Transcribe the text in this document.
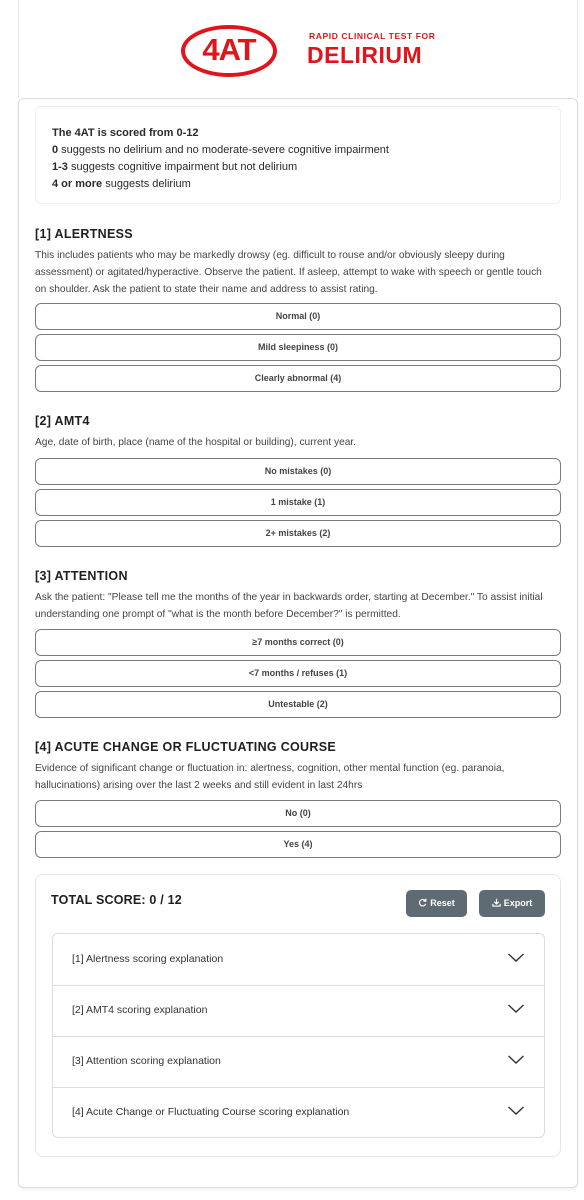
4AT	RAPID CLINICAL TEST FOR
DELIRIUM
The 4AT is scored from 0-12
0 suggests no delirium and no moderate-severe cognitive impairment
1-3 suggests cognitive impairment but not delirium
4 or more suggests delirium
[1] ALERTNESS
This includes patients who may be markedly drowsy (eg. difficult to rouse and/or obviously sleepy during assessment) or agitated/hyperactive. Observe the patient. If asleep, attempt to wake with speech or gentle touch on shoulder. Ask the patient to state their name and address to assist rating.
Normal (0)
Mild sleepiness (0)
Clearly abnormal (4)
[2] AMT4
Age, date of birth, place (name of the hospital or building), current year.
No mistakes (0)
1 mistake (1)
2+ mistakes (2)
[3] ATTENTION
Ask the patient: "Please tell me the months of the year in backwards order, starting at December." To assist initial understanding one prompt of "what is the month before December?" is permitted.
≥7 months correct (0)
<7 months / refuses (1)
Untestable (2)
[4] ACUTE CHANGE OR FLUCTUATING COURSE
Evidence of significant change or fluctuation in: alertness, cognition, other mental function (eg. paranoia, hallucinations) arising over the last 2 weeks and still evident in last 24hrs
No (0)
Yes (4)
TOTAL SCORE: 0 / 12	Reset	Export
[1] Alertness scoring explanation
[2] AMT4 scoring explanation
[3] Attention scoring explanation
[4] Acute Change or Fluctuating Course scoring explanation
